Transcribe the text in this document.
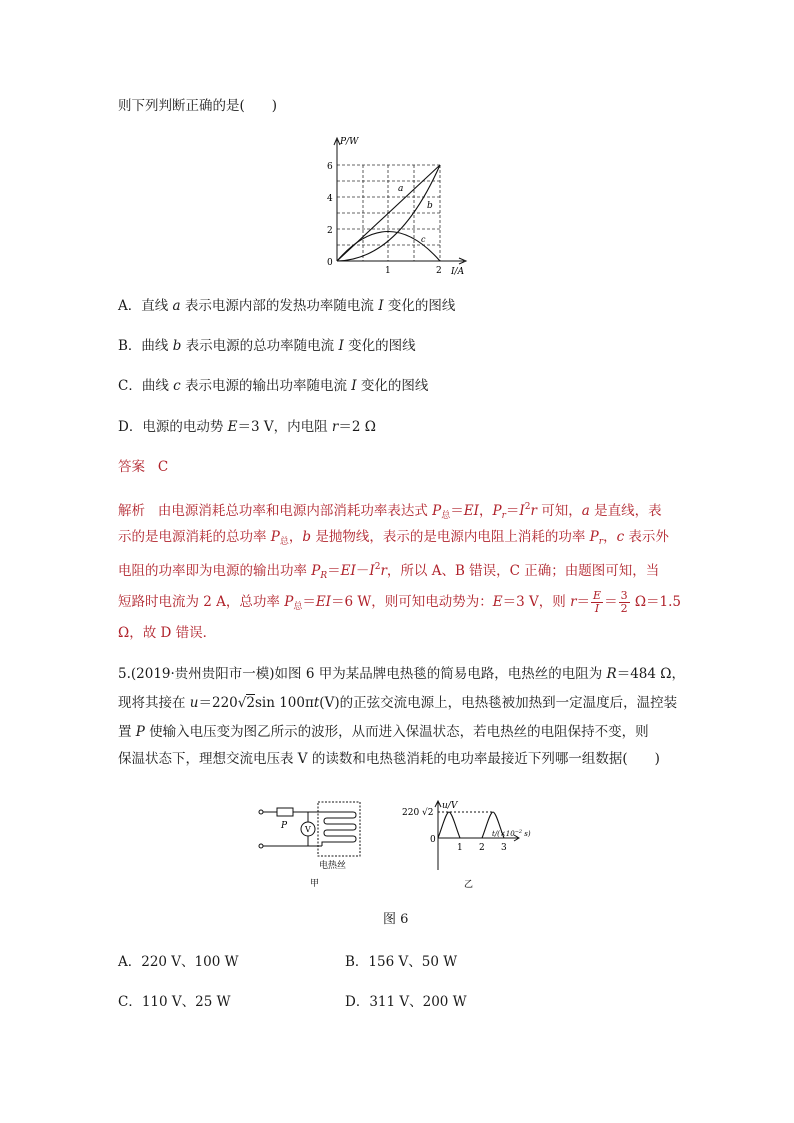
则下列判断正确的是(　　)
P/W
I/A
6
4
2
0
1	2
a
b
c
A．直线 a 表示电源内部的发热功率随电流 I 变化的图线
B．曲线 b 表示电源的总功率随电流 I 变化的图线
C．曲线 c 表示电源的输出功率随电流 I 变化的图线
D．电源的电动势 E＝3 V，内电阻 r＝2 Ω
答案 C
解析 由电源消耗总功率和电源内部消耗功率表达式 $P_总=EI$，$P_r=I^2r$ 可知，a 是直线，表
示的是电源消耗的总功率 $P_总$，b 是抛物线，表示的是电源内电阻上消耗的功率 $P_r$，c 表示外
电阻的功率即为电源的输出功率 $P_R=EI-I^2r$，所以 A、B 错误，C 正确；由题图可知，当
短路时电流为 2 A，总功率 $P_总=EI=6$ W，则可知电动势为：E＝3 V，则 $r= \frac{E}{I} = \frac{3}{2} \Omega=1.5$
Ω，故 D 错误．
5.(2019·贵州贵阳市一模)如图 6 甲为某品牌电热毯的简易电路，电热丝的电阻为 R＝484 Ω，
现将其接在 u＝220√2sin 100πt(V)的正弦交流电源上，电热毯被加热到一定温度后，温控装
置 P 使输入电压变为图乙所示的波形，从而进入保温状态，若电热丝的电阻保持不变，则
保温状态下，理想交流电压表 V 的读数和电热毯消耗的电功率最接近下列哪一组数据(　　)
P V
电热丝
甲
u/V
220 √2
0
1 2 3
$t/(\times 10^{-2}$ s)
乙
图 6
A．220 V、100 W	B．156 V、50 W
C．110 V、25 W	D．311 V、200 W
